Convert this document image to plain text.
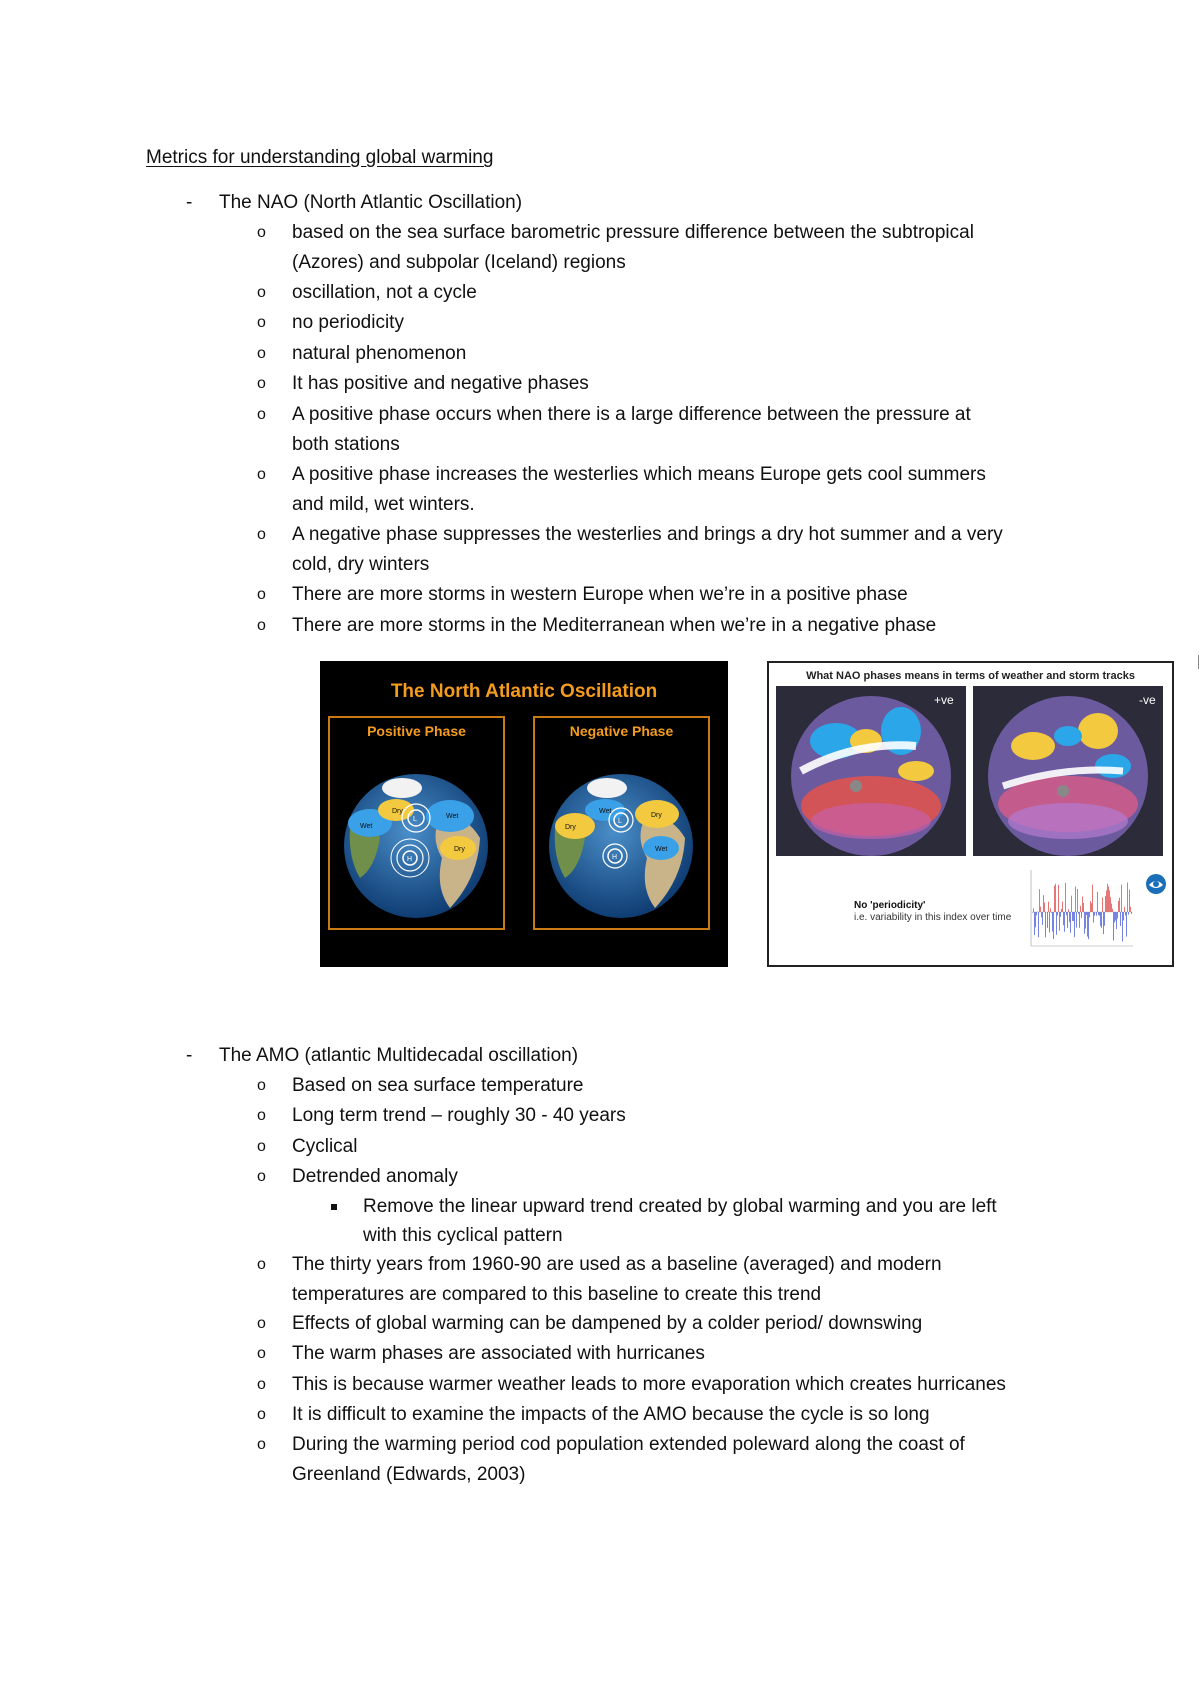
Metrics for understanding global warming
- The NAO (North Atlantic Oscillation)
o based on the sea surface barometric pressure difference between the subtropical
(Azores) and subpolar (Iceland) regions
o oscillation, not a cycle
o no periodicity
o natural phenomenon
o It has positive and negative phases
o A positive phase occurs when there is a large difference between the pressure at
both stations
o A positive phase increases the westerlies which means Europe gets cool summers
and mild, wet winters.
o A negative phase suppresses the westerlies and brings a dry hot summer and a very
cold, dry winters
o There are more storms in western Europe when we’re in a positive phase
o There are more storms in the Mediterranean when we’re in a negative phase
The North Atlantic Oscillation
Positive Phase
Dry
Wet
Wet
Dry
L
H
Negative Phase
Wet
Dry
Dry
Wet
L
H
What NAO phases means in terms of weather and storm tracks
+ve	-ve
No 'periodicity'
i.e. variability in this index over time
- The AMO (atlantic Multidecadal oscillation)
o Based on sea surface temperature
o Long term trend – roughly 30 - 40 years
o Cyclical
o Detrended anomaly
Remove the linear upward trend created by global warming and you are left
with this cyclical pattern
o The thirty years from 1960-90 are used as a baseline (averaged) and modern
temperatures are compared to this baseline to create this trend
o Effects of global warming can be dampened by a colder period/ downswing
o The warm phases are associated with hurricanes
o This is because warmer weather leads to more evaporation which creates hurricanes
o It is difficult to examine the impacts of the AMO because the cycle is so long
o During the warming period cod population extended poleward along the coast of
Greenland (Edwards, 2003)
